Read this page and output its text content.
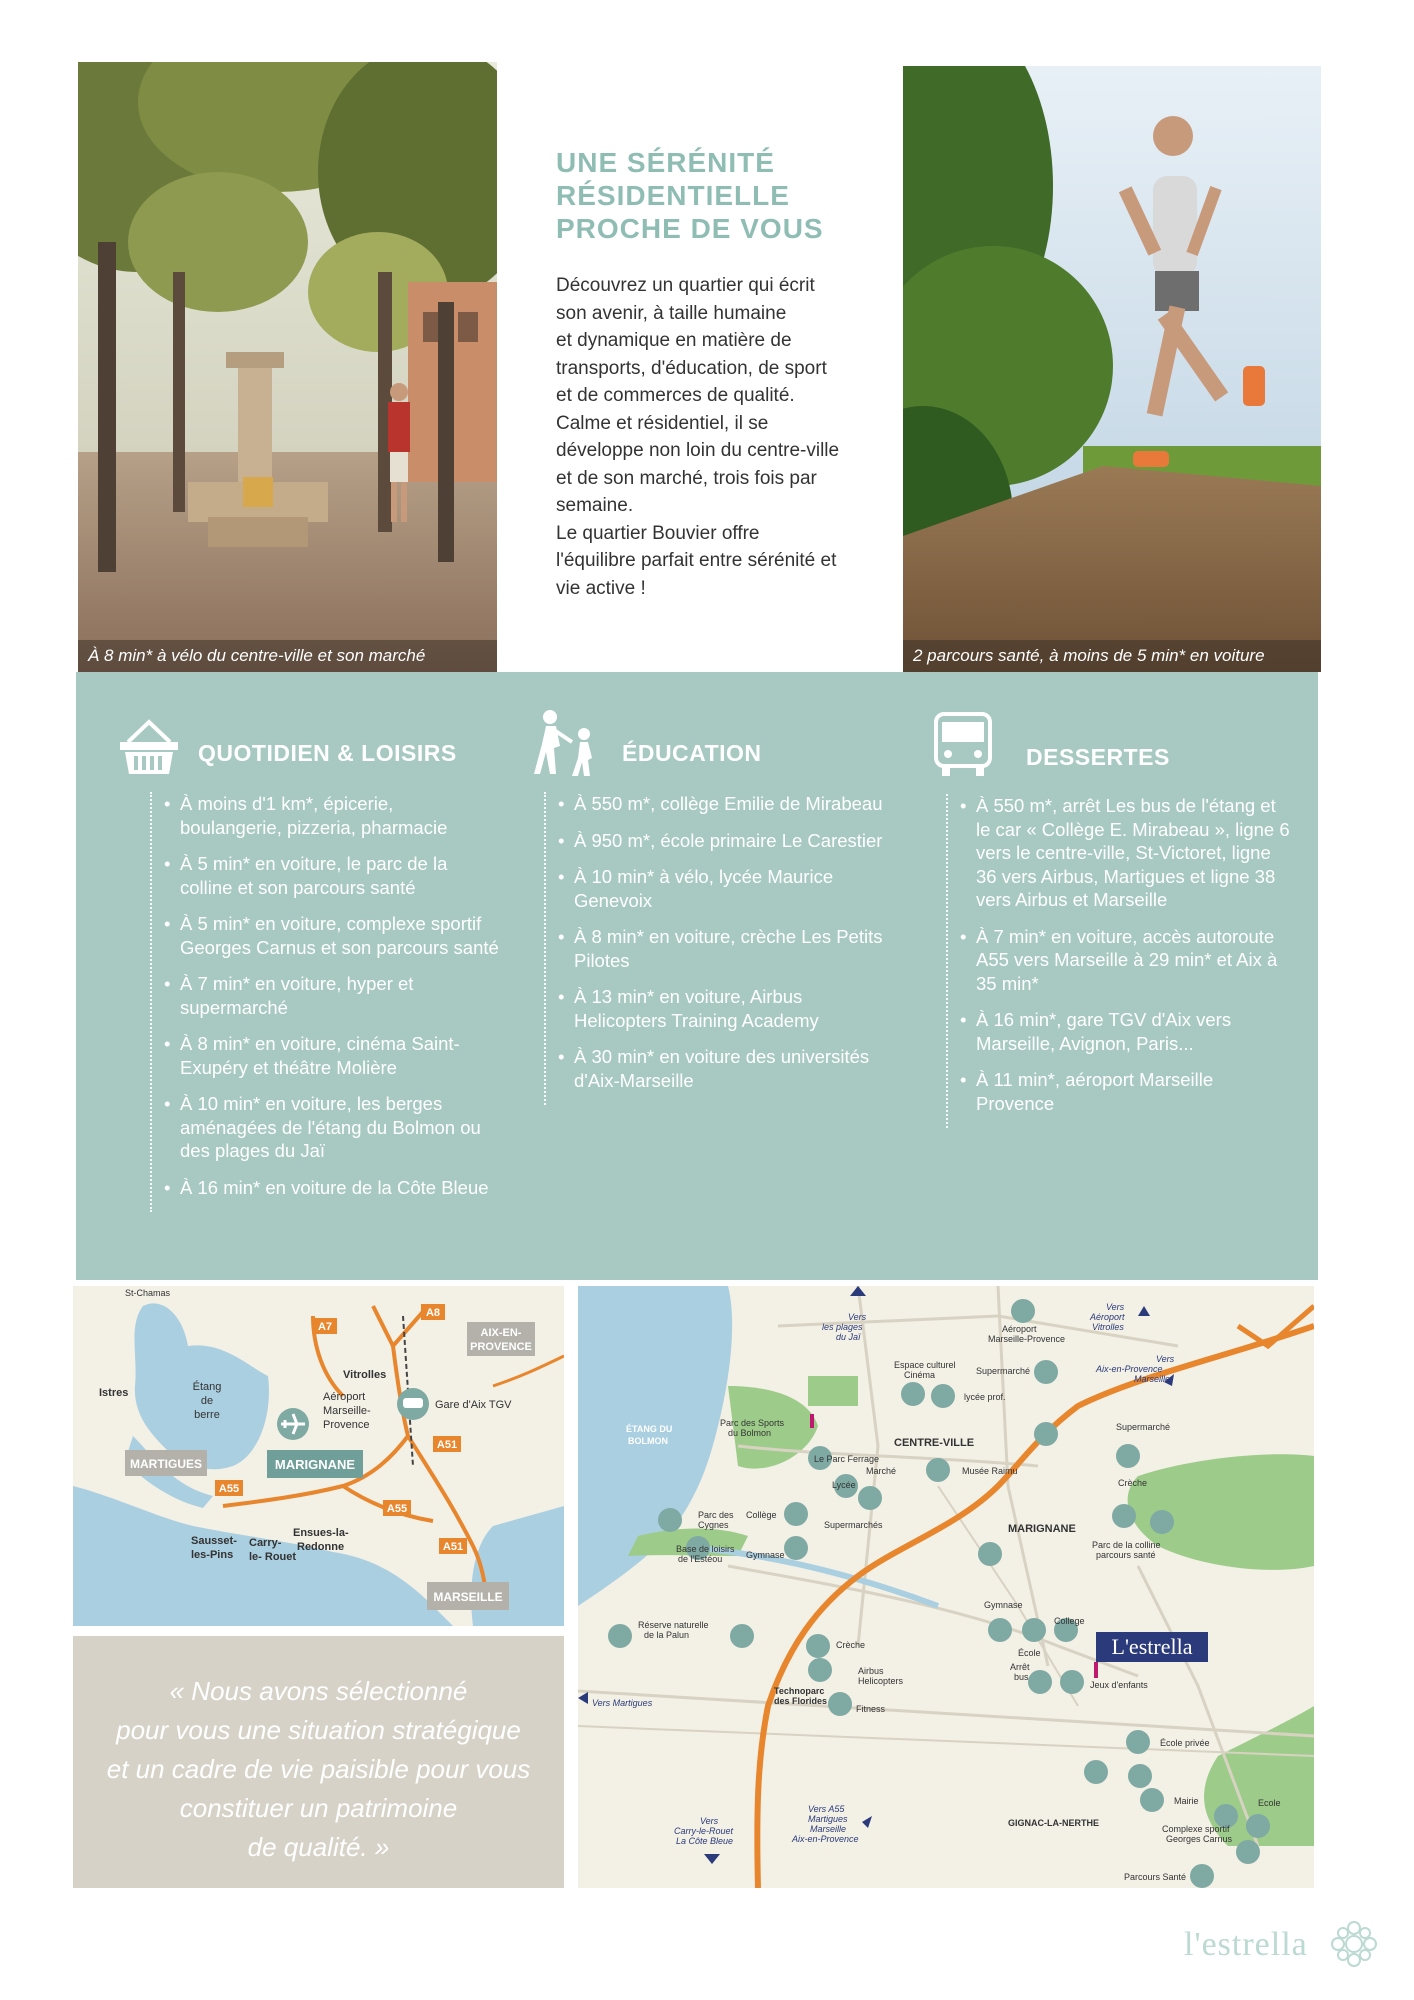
À 8 min* à vélo du centre-ville et son marché
UNE SÉRÉNITÉ
RÉSIDENTIELLE
PROCHE DE VOUS
Découvrez un quartier qui écrit
son avenir, à taille humaine
et dynamique en matière de
transports, d'éducation, de sport
et de commerces de qualité.
Calme et résidentiel, il se
développe non loin du centre-ville
et de son marché, trois fois par
semaine.
Le quartier Bouvier offre
l'équilibre parfait entre sérénité et
vie active !
2 parcours santé, à moins de 5 min* en voiture
QUOTIDIEN & LOISIRS
• À moins d'1 km*, épicerie, boulangerie, pizzeria, pharmacie
• À 5 min* en voiture, le parc de la colline et son parcours santé
• À 5 min* en voiture, complexe sportif Georges Carnus et son parcours santé
• À 7 min* en voiture, hyper et supermarché
• À 8 min* en voiture, cinéma Saint-Exupéry et théâtre Molière
• À 10 min* en voiture, les berges aménagées de l'étang du Bolmon ou des plages du Jaï
• À 16 min* en voiture de la Côte Bleue
ÉDUCATION
• À 550 m*, collège Emilie de Mirabeau
• À 950 m*, école primaire Le Carestier
• À 10 min* à vélo, lycée Maurice Genevoix
• À 8 min* en voiture, crèche Les Petits Pilotes
• À 13 min* en voiture, Airbus Helicopters Training Academy
• À 30 min* en voiture des universités d'Aix-Marseille
DESSERTES
• À 550 m*, arrêt Les bus de l'étang et le car « Collège E. Mirabeau », ligne 6 vers le centre-ville, St-Victoret, ligne 36 vers Airbus, Martigues et ligne 38 vers Airbus et Marseille
• À 7 min* en voiture, accès autoroute A55 vers Marseille à 29 min* et Aix à 35 min*
• À 16 min*, gare TGV d'Aix vers Marseille, Avignon, Paris...
• À 11 min*, aéroport Marseille Provence
A7
A8
A51
A55
A55
A51
St-Chamas
Istres	Étang
de
berre
Vitrolles
Aéroport
Marseille-
Provence
Gare d'Aix TGV
Sausset-
les-Pins
Carry-
le- Rouet
Ensues-la-
Redonne
AIX-EN-
PROVENCE
MARTIGUES	MARIGNANE
MARSEILLE
« Nous avons sélectionné
pour vous une situation stratégique
et un cadre de vie paisible pour vous
constituer un patrimoine
de qualité. »
L'estrella
Vers
les plages
du Jaï
Vers
Aéroport
Vitrolles
Aéroport
Marseille-Provence
Vers
Aix-en-Provence
Marseille
ÉTANG DU
BOLMON
Espace culturel
Cinéma	Supermarché
lycée prof.
Supermarché
Parc des Sports
du Bolmon
CENTRE-VILLE
Le Parc Ferrage
Marché	Musée Raimu
Crèche
Lycée
Parc des
Cygnes
Collège
Supermarchés	MARIGNANE
Parc de la colline
parcours santé
Base de loisirs
de l'Estéou	Gymnase
Réserve naturelle
de la Palun
Gymnase
College
École
Arrêt
bus
Crèche
Airbus
Helicopters
Technoparc
des Florides
Fitness
Jeux d'enfants
Vers Martigues
École privée
Mairie	Ecole
GIGNAC-LA-NERTHE
Complexe sportif
Georges Carnus
Parcours Santé
Vers
Carry-le-Rouet
La Côte Bleue
Vers A55
Martigues
Marseille
Aix-en-Provence
l'estrella
